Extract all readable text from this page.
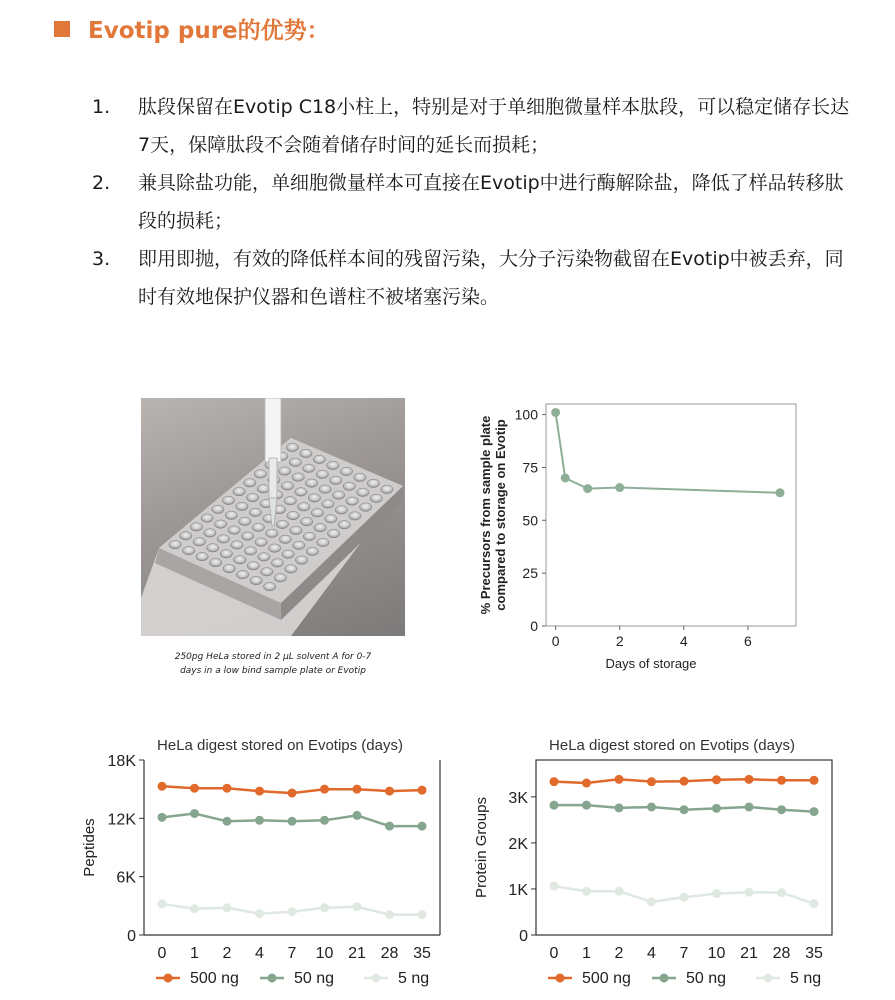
Evotip pure的优势：
1.	肽段保留在Evotip C18小柱上，特别是对于单细胞微量样本肽段，可以稳定储存长达7天，保障肽段不会随着储存时间的延长而损耗；
2.	兼具除盐功能，单细胞微量样本可直接在Evotip中进行酶解除盐，降低了样品转移肽段的损耗；
3.	即用即抛，有效的降低样本间的残留污染，大分子污染物截留在Evotip中被丢弃，同时有效地保护仪器和色谱柱不被堵塞污染。
250pg HeLa stored in 2 µL solvent A for 0-7
days in a low bind sample plate or Evotip
0
25
50
75
100
0	2	4	6
Days of storage
% Precursors from sample platecompared to storage on Evotip
HeLa digest stored on Evotips (days)
0
6K
12K
18K
0 1 2 4 7 10 21 28 35
Peptides
500 ng	50 ng	5 ng
HeLa digest stored on Evotips (days)
0
1K
2K
3K
0 1 2 4 7 10 21 28 35
Protein Groups
500 ng	50 ng	5 ng
